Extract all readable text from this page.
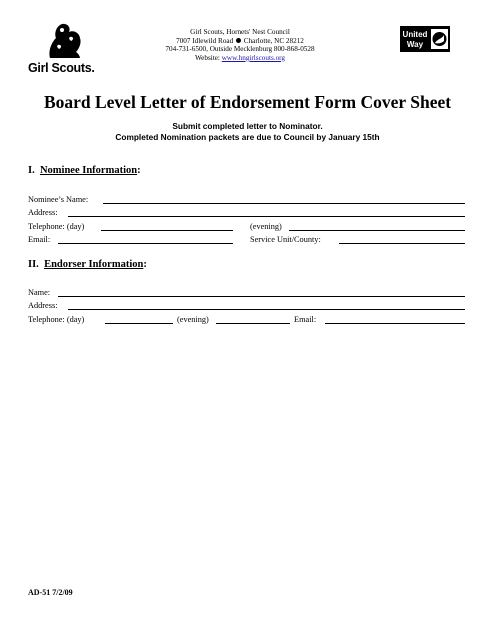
Girl Scouts.
Girl Scouts, Hornets' Nest Council
7007 Idlewild Road Charlotte, NC 28212
704-731-6500, Outside Mecklenburg 800-868-0528
Website: www.hngirlscouts.org
United
Way
Board Level Letter of Endorsement Form Cover Sheet
Submit completed letter to Nominator.
Completed Nomination packets are due to Council by January 15th
I. Nominee Information:
Nominee’s Name:
Address:
Telephone: (day)	(evening)
Email:	Service Unit/County:
II. Endorser Information:
Name:
Address:
Telephone: (day)	(evening)	Email:
AD-51 7/2/09
